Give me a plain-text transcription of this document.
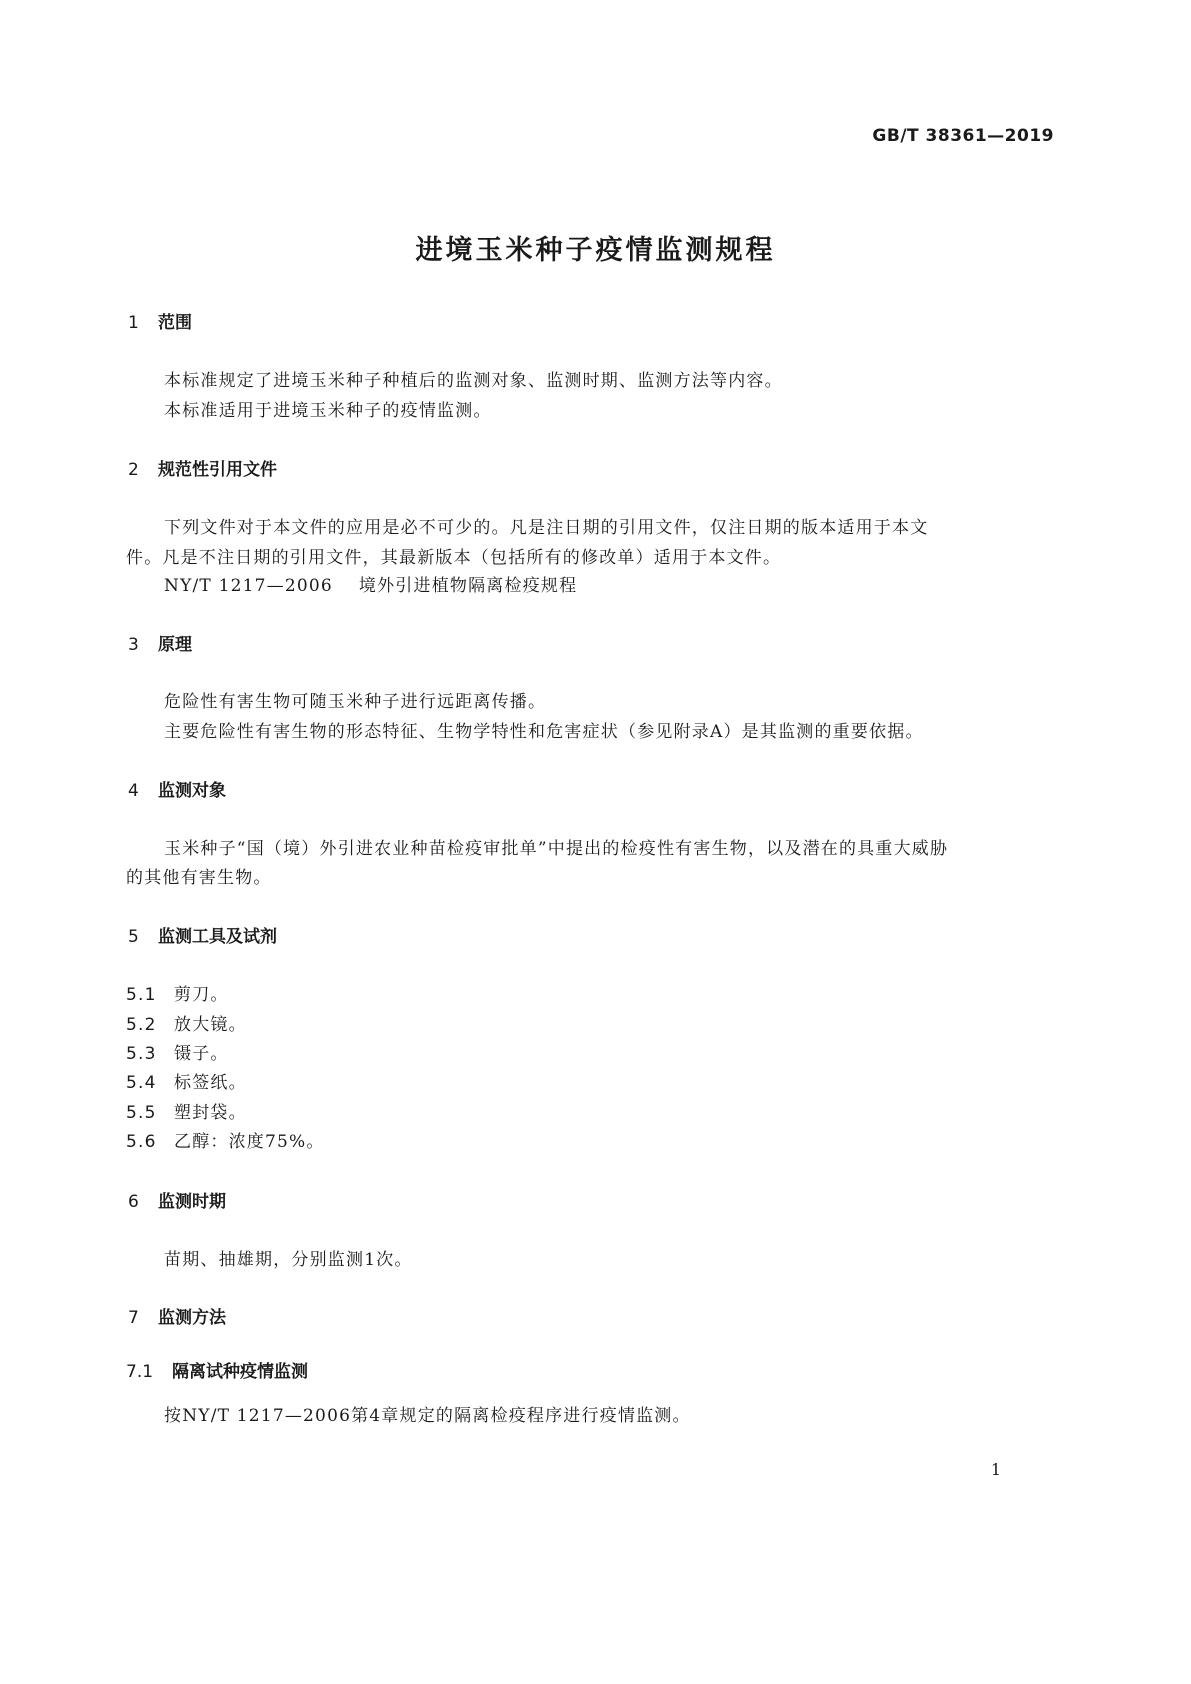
GB/T 38361—2019
进境玉米种子疫情监测规程
1 范围
本标准规定了进境玉米种子种植后的监测对象、监测时期、监测方法等内容。
本标准适用于进境玉米种子的疫情监测。
2 规范性引用文件
下列文件对于本文件的应用是必不可少的。凡是注日期的引用文件，仅注日期的版本适用于本文
件。凡是不注日期的引用文件，其最新版本（包括所有的修改单）适用于本文件。
NY/T 1217—2006 境外引进植物隔离检疫规程
3 原理
危险性有害生物可随玉米种子进行远距离传播。
主要危险性有害生物的形态特征、生物学特性和危害症状（参见附录A）是其监测的重要依据。
4 监测对象
玉米种子“国（境）外引进农业种苗检疫审批单”中提出的检疫性有害生物，以及潜在的具重大威胁
的其他有害生物。
5 监测工具及试剂
5.1 剪刀。
5.2 放大镜。
5.3 镊子。
5.4 标签纸。
5.5 塑封袋。
5.6 乙醇：浓度75%。
6 监测时期
苗期、抽雄期，分别监测1次。
7 监测方法
7.1 隔离试种疫情监测
按NY/T 1217—2006第4章规定的隔离检疫程序进行疫情监测。
1
